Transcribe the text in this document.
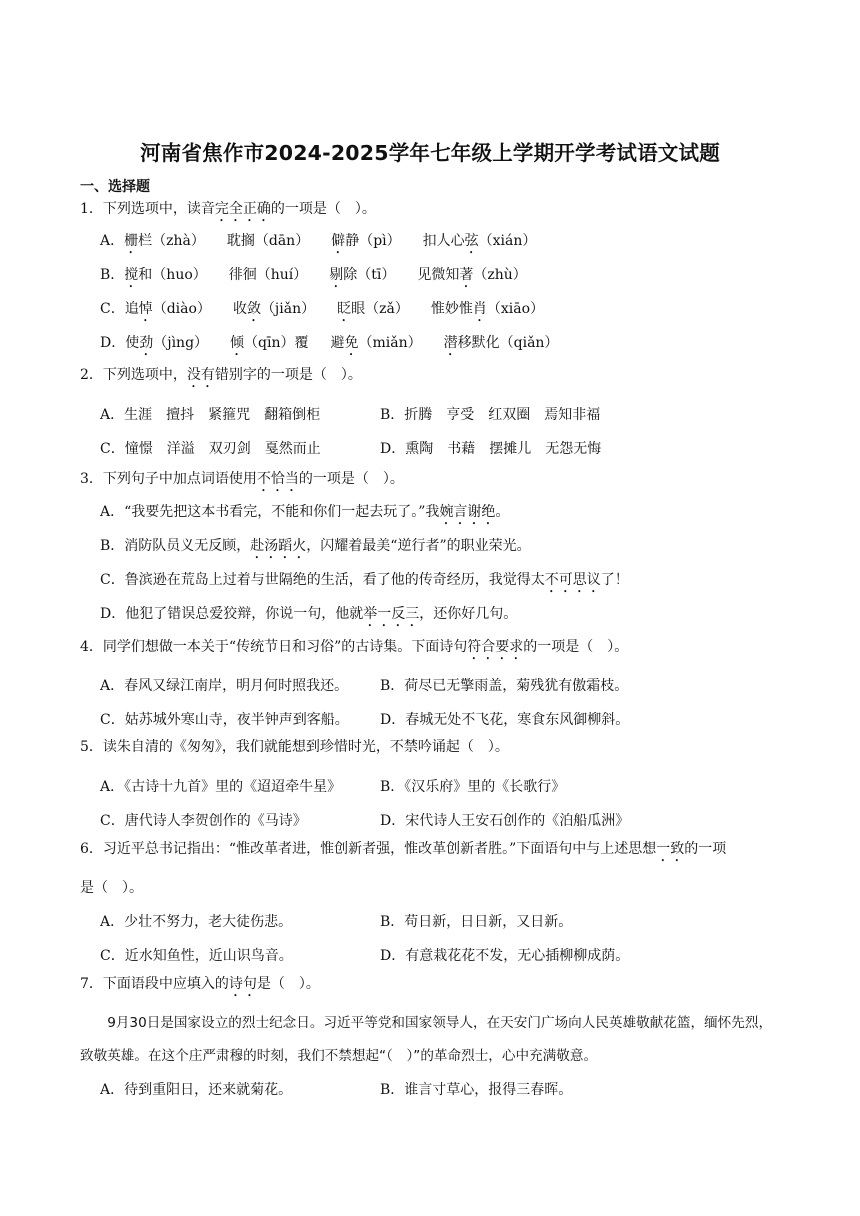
河南省焦作市2024-2025学年七年级上学期开学考试语文试题
一、选择题
1．下列选项中，读音完全正确的一项是（　）。
A．栅栏（zhà） 耽搁（dān） 僻静（pì） 扣人心弦（xián）
B．搅和（huo） 徘徊（huí） 剔除（tī） 见微知著（zhù）
C．追悼（diào） 收敛（jiǎn） 眨眼（zǎ） 惟妙惟肖（xiāo）
D．使劲（jìng） 倾（qīn）覆 避免（miǎn） 潜移默化（qiǎn）
2．下列选项中，没有错别字的一项是（　）。
A．生涯　擅抖　紧箍咒　翻箱倒柜	B．折腾　亨受　红双圈　焉知非福
C．憧憬　洋溢　双刃剑　戛然而止	D．熏陶　书藉　摆摊儿　无怨无悔
3．下列句子中加点词语使用不恰当的一项是（　）。
A．“我要先把这本书看完，不能和你们一起去玩了。”我婉言谢绝。
B．消防队员义无反顾，赴汤蹈火，闪耀着最美“逆行者”的职业荣光。
C．鲁滨逊在荒岛上过着与世隔绝的生活，看了他的传奇经历，我觉得太不可思议了！
D．他犯了错误总爱狡辩，你说一句，他就举一反三，还你好几句。
4．同学们想做一本关于“传统节日和习俗”的古诗集。下面诗句符合要求的一项是（　）。
A．春风又绿江南岸，明月何时照我还。 B．荷尽已无擎雨盖，菊残犹有傲霜枝。
C．姑苏城外寒山寺，夜半钟声到客船。 D．春城无处不飞花，寒食东风御柳斜。
5．读朱自清的《匆匆》，我们就能想到珍惜时光，不禁吟诵起（　）。
A．《古诗十九首》里的《迢迢牵牛星》	B．《汉乐府》里的《长歌行》
C．唐代诗人李贺创作的《马诗》	D．宋代诗人王安石创作的《泊船瓜洲》
6．习近平总书记指出：“惟改革者进，惟创新者强，惟改革创新者胜。”下面语句中与上述思想一致的一项
是（　）。
A．少壮不努力，老大徒伤悲。	B．苟日新，日日新，又日新。
C．近水知鱼性，近山识鸟音。	D．有意栽花花不发，无心插柳柳成荫。
7．下面语段中应填入的诗句是（　）。
9月30日是国家设立的烈士纪念日。习近平等党和国家领导人，在天安门广场向人民英雄敬献花篮，缅怀先烈，致敬英雄。在这个庄严肃穆的时刻，我们不禁想起“（　）”的革命烈士，心中充满敬意。
A．待到重阳日，还来就菊花。	B．谁言寸草心，报得三春晖。
